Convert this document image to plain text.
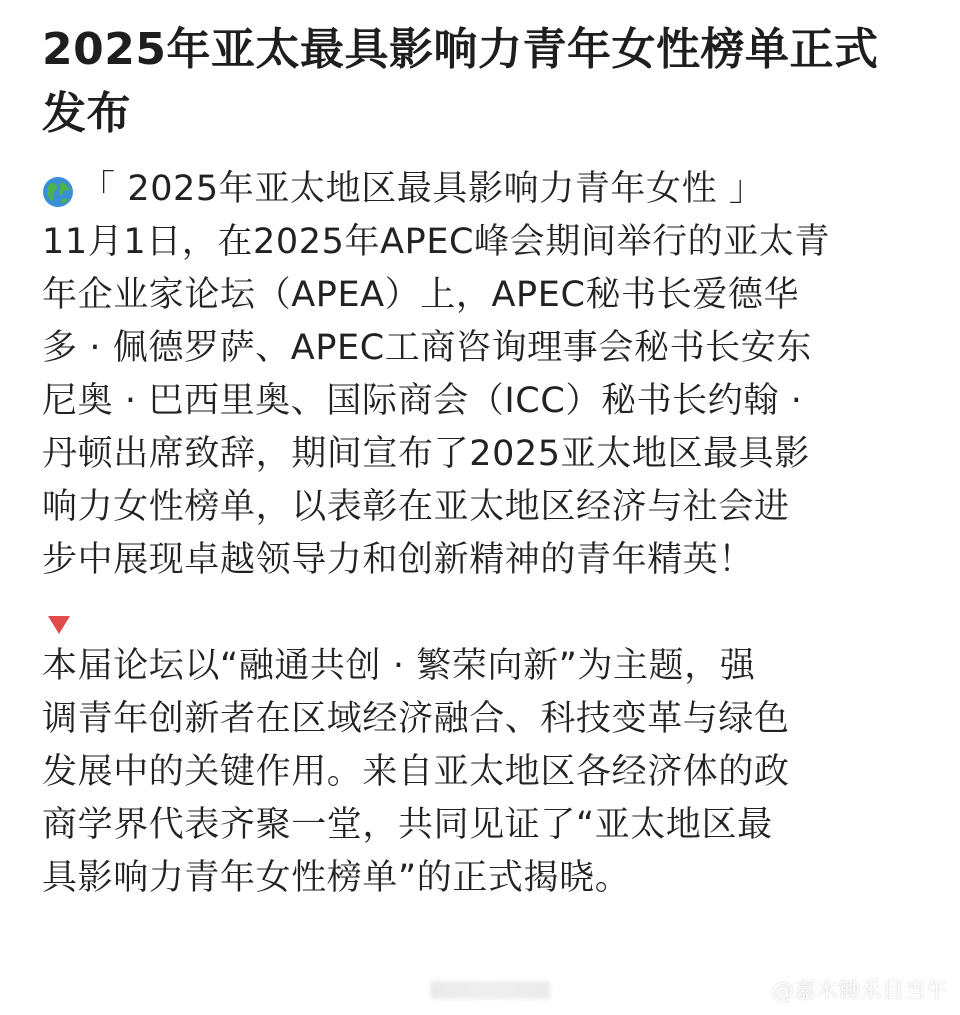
2025年亚太最具影响力青年女性榜单正式
发布
「 2025年亚太地区最具影响力青年女性 」
11月1日，在2025年APEC峰会期间举行的亚太青
年企业家论坛（APEA）上，APEC秘书长爱德华
多 · 佩德罗萨、APEC工商咨询理事会秘书长安东
尼奥 · 巴西里奥、国际商会（ICC）秘书长约翰 ·
丹顿出席致辞，期间宣布了2025亚太地区最具影
响力女性榜单，以表彰在亚太地区经济与社会进
步中展现卓越领导力和创新精神的青年精英！
本届论坛以“融通共创 · 繁荣向新”为主题，强
调青年创新者在区域经济融合、科技变革与绿色
发展中的关键作用。来自亚太地区各经济体的政
商学界代表齐聚一堂，共同见证了“亚太地区最
具影响力青年女性榜单”的正式揭晓。
@嘉木锄禾目当午
